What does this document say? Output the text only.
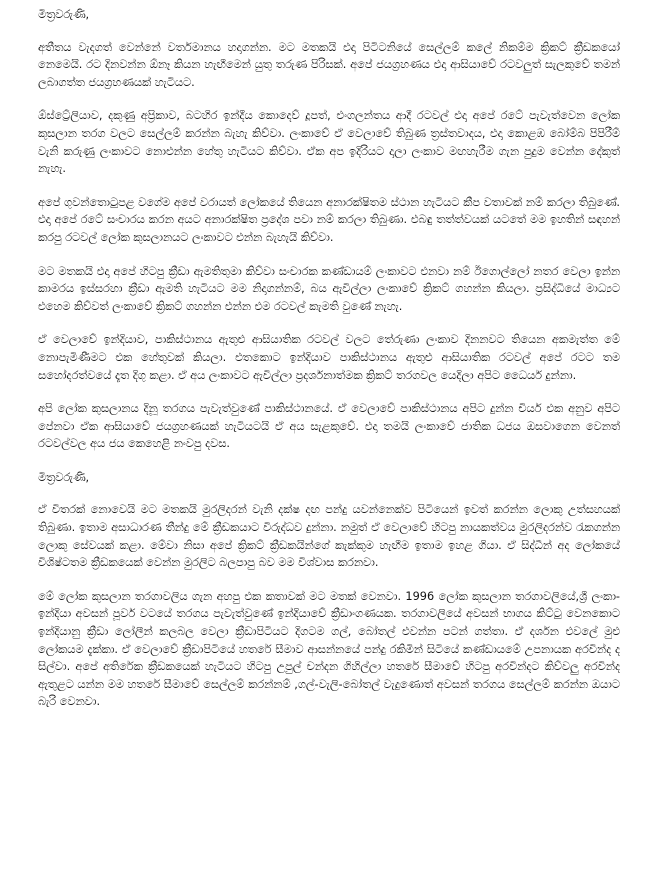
මිත්‍රවරුණි,

අතීතය වැදගත් වෙන්නේ වර්තමානය හදාගන්න. මට මතකයි එදා පිටිටනියේ සෙල්ලම් කලේ නිකම්ම ක්‍රිකට් ක්‍රීඩකයෝ නෙමෙයි. රට දිනවන්න ඕනෑ කියන හැඟීමෙන් යුතු තරුණ පිරිසක්. අපේ ජයග්‍රහණය එදා ආසියාවේ රටවලුත් සැලකුවේ තමන් ලබාගත්ත ජයග්‍රහණයක් හැටියට.

ඕස්ට්‍රේලියාව, දකුණු අප්‍රිකාව, බටහිර ඉන්දීය කොදෙව් දූපත්, එංගලන්තය ආදී රටවල් එදා අපේ රටේ පැවැත්වෙන ලෝක කුසලාන තරග වලට සෙල්ලම් කරන්න බැහැ කිව්වා. ලංකාවේ ඒ වෙලාවේ තිබුණ ත්‍රස්තවාදය, එදා කොළඹ බෝම්බ පිපිරීම් වැනි කරුණු ලංකාවට නොඑන්න හේතු හැටියට කිව්වා. ඒක අප ඉදිරියට දාලා ලංකාව මඟහැරීම ගැන පුදුම වෙන්න දේකුත් නැහැ.

අපේ ගුවන්තොටුපළ වගේම අපේ වරායත් ලෝකයේ තියෙන අනාරක්ෂිතම ස්ථාන හැටියට කීප වතාවක් නම් කරලා තිබුණේ. එදා අපේ රටේ සංචාරය කරන අයට අනාරක්ෂිත ප්‍රදේශ පවා නම් කරලා තිබුණා. එබඳු තත්ත්වයක් යටතේ මම ඉහතින් සඳහන් කරපු රටවල් ලෝක කුසලානයට ලංකාවට එන්න බැහැයි කිව්වා.

මට මතකයි එදා අපේ හිටපු ක්‍රීඩා ඇමතිතුමා කිව්වා සංචාරක කණ්ඩායම් ලංකාවට එනවා නම් ඊගොල්ලෝ නතර වෙලා ඉන්න කාමරය ඉස්සරහා ක්‍රීඩා ඇමති හැටියට මම නිදාගන්නම්, බය ඇවිල්ලා ලංකාවේ ක්‍රිකට් ගහන්න කියලා. ප්‍රසිද්ධියේ මාධ්‍යට එහෙම කිව්වත් ලංකාවේ ක්‍රිකට් ගහන්න එන්න එම රටවල් කැමති වුණේ නැහැ.

ඒ වෙලාවේ ඉන්දියාව, පාකිස්ථානය ඇතුළු ආසියාතික රටවල් වලට තේරුණා ලංකාව දිනනවට තියෙන අකමැත්ත මේ නොපැමිණීමට එක හේතුවක් කියලා. එතකොට ඉන්දියාව පාකිස්ථානය ඇතුළු ආසියාතික රටවල් අපේ රටට තම සහෝදරත්වයේ දෑත දිගු කළා. ඒ අය ලංකාවට ඇවිල්ලා ප්‍රදර්ශනාත්මක ක්‍රිකට් තරගවල යෙදිලා අපිට ධෛර්ය දුන්නා.

අපි ලෝක කුසලානය දිනූ තරගය පැවැත්වුණේ පාකිස්ථානයේ. ඒ වෙලාවේ පාකිස්ථානය අපිට දුන්න චියර් එක අනුව අපිට පේනවා ඒක ආසියාවේ ජයග්‍රහණයක් හැටියටයි ඒ අය සැළකුවේ. එදා තමයි ලංකාවේ ජාතික ධජය ඔසවාගෙන වෙනත් රටවල්වල අය ජය කෙහෙළි නංවපු දවස.

මිත්‍රවරුණි,

ඒ විතරක් නොවෙයි මට මතකයි මුරලිදරන් වැනි දක්ෂ දඟ පන්දු යවන්නෙක්ව පිටියෙන් ඉවත් කරන්න ලොකු උත්සහයක් තිබුණා. ඉතාම අසාධාරණ තීන්දු මේ ක්‍රීඩකයාට විරුද්ධව දුන්නා. නමුත් ඒ වෙලාවේ හිටපු නායකත්වය මුරලිදරන්ව රැකගන්න ලොකු සේවයක් කළා. මේවා නිසා අපේ ක්‍රිකට් ක්‍රීඩකයින්ගේ කැක්කුම හැඟීම ඉතාම ඉහළ ගියා. ඒ සිද්ධීන් අද ලෝකයේ විශිෂ්ටතම ක්‍රීඩකයෙක් වෙන්න මුරලිට බලපාපු බව මම විශ්වාස කරනවා.

මේ ලෝක කුසලාන තරගාවලිය ගැන අහපු එක කතාවක් මට මතක් වෙනවා. 1996 ලෝක කුසලාන තරගාවලියේ,ශ්‍රී ලංකා-ඉන්දියා අවසන් පූර්ව වටයේ තරගය පැවැත්වුණේ ඉන්දියාවේ ක්‍රීඩාංගණයක. තරගාවලියේ අවසන් භාගය කිට්ටු වෙනකොට ඉන්දියානු ක්‍රීඩා ලෝලීන් කලබල වෙලා ක්‍රීඩාපිටියට දිගටම ගල්, බෝතල් එවන්න පටන් ගත්තා. ඒ දර්ශන එවලේ මුළු ලෝකයම දැක්කා. ඒ වෙලාවේ ක්‍රීඩාපිටියේ හතරේ සීමාව ආසන්නයේ පන්දු රකිමින් සිටියේ කණ්ඩායමේ උපනායක අරවින්ද ද සිල්වා. අපේ අතිරේක ක්‍රීඩකයෙක් හැටියට හිටපු උපුල් චන්දන ගිහිල්ලා හතරේ සීමාවේ හිටපු අරවින්දට කිව්වලු අරවින්ද ඇතුළට යන්න මම හතරේ සීමාවේ සෙල්ලම් කරන්නම් ,ගල්-වැලි-බෝතල් වැදුණොත් අවසන් තරගය සෙල්ලම් කරන්න ඔයාට බැරි වෙනවා.
